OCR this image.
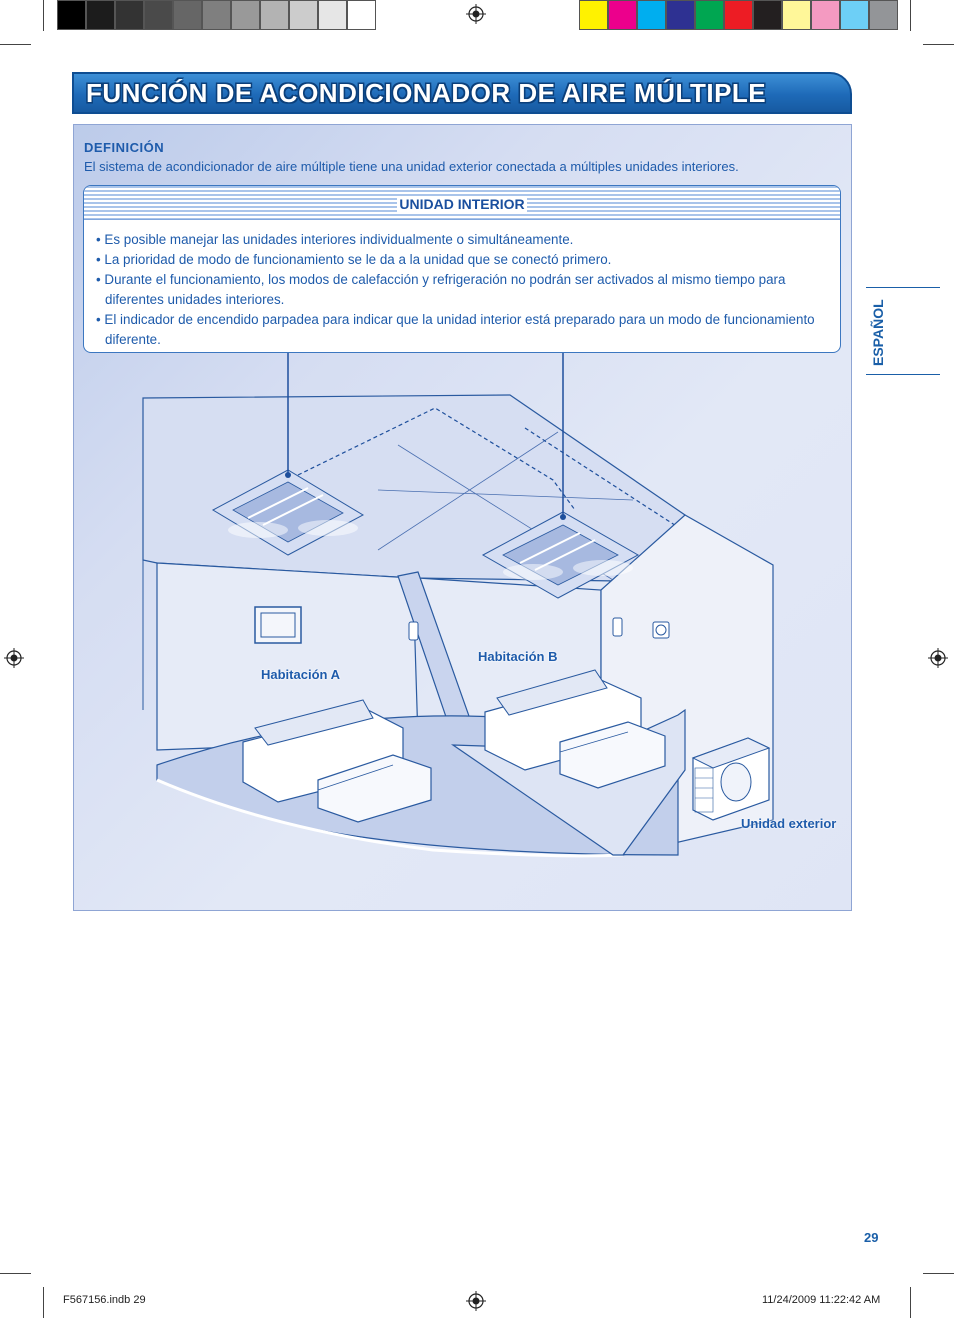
FUNCIÓN DE ACONDICIONADOR DE AIRE MÚLTIPLE
DEFINICIÓN
El sistema de acondicionador de aire múltiple tiene una unidad exterior conectada a múltiples unidades interiores.
UNIDAD INTERIOR
• Es posible manejar las unidades interiores individualmente o simultáneamente.
• La prioridad de modo de funcionamiento se le da a la unidad que se conectó primero.
• Durante el funcionamiento, los modos de calefacción y refrigeración no podrán ser activados al mismo tiempo para diferentes unidades interiores.
• El indicador de encendido parpadea para indicar que la unidad interior está preparado para un modo de funcionamiento diferente.
Habitación A
Habitación B
Unidad exterior
ESPAÑOL
29
F567156.indb 29	11/24/2009 11:22:42 AM
